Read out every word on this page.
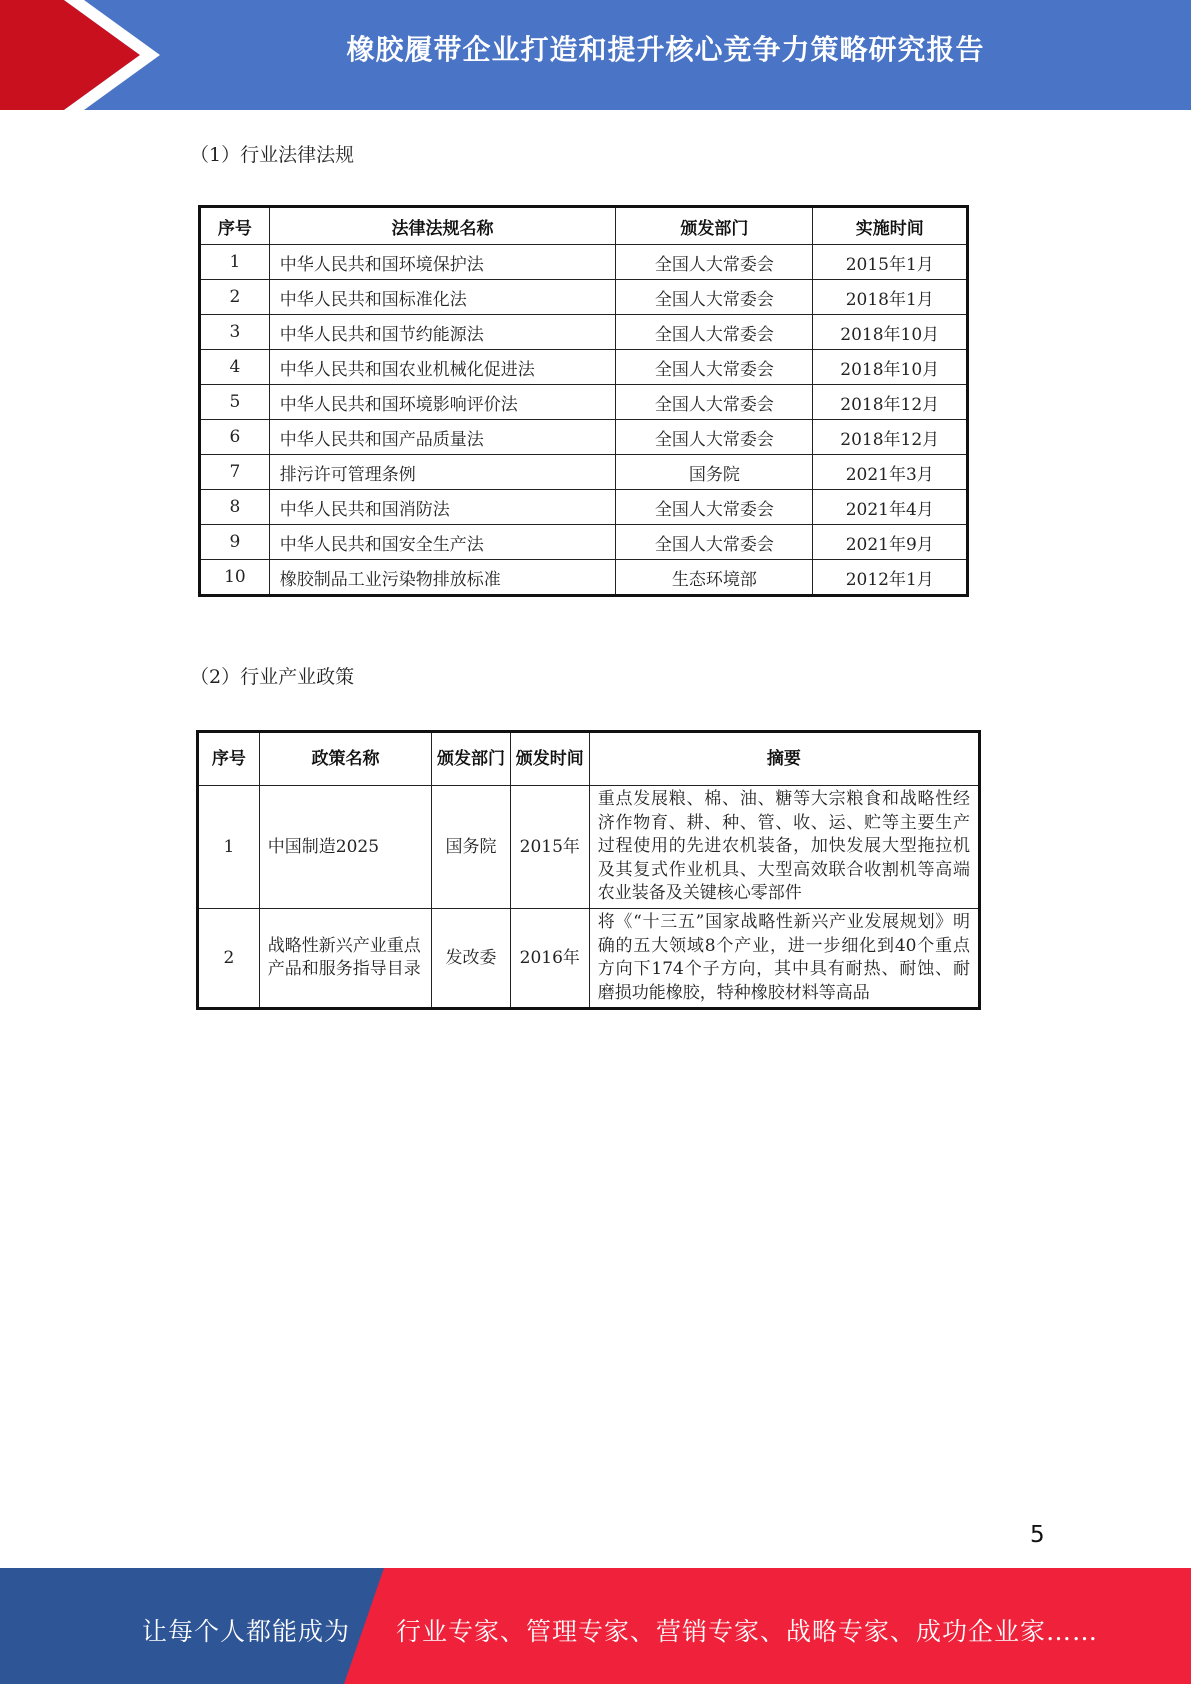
橡胶履带企业打造和提升核心竞争力策略研究报告
（1）行业法律法规
序号	法律法规名称	颁发部门	实施时间
1	中华人民共和国环境保护法	全国人大常委会	2015年1月
2	中华人民共和国标准化法	全国人大常委会	2018年1月
3	中华人民共和国节约能源法	全国人大常委会	2018年10月
4	中华人民共和国农业机械化促进法	全国人大常委会	2018年10月
5	中华人民共和国环境影响评价法	全国人大常委会	2018年12月
6	中华人民共和国产品质量法	全国人大常委会	2018年12月
7	排污许可管理条例	国务院	2021年3月
8	中华人民共和国消防法	全国人大常委会	2021年4月
9	中华人民共和国安全生产法	全国人大常委会	2021年9月
10	橡胶制品工业污染物排放标准	生态环境部	2012年1月
（2）行业产业政策
序号	政策名称	颁发部门	颁发时间	摘要
1	中国制造2025	国务院	2015年	重点发展粮、棉、油、糖等大宗粮食和战略性经济作物育、耕、种、管、收、运、贮等主要生产过程使用的先进农机装备，加快发展大型拖拉机及其复式作业机具、大型高效联合收割机等高端农业装备及关键核心零部件
2	战略性新兴产业重点产品和服务指导目录	发改委	2016年	将《“十三五”国家战略性新兴产业发展规划》明确的五大领域8个产业，进一步细化到40个重点方向下174个子方向，其中具有耐热、耐蚀、耐磨损功能橡胶，特种橡胶材料等高品
5
让每个人都能成为 行业专家、管理专家、营销专家、战略专家、成功企业家……
